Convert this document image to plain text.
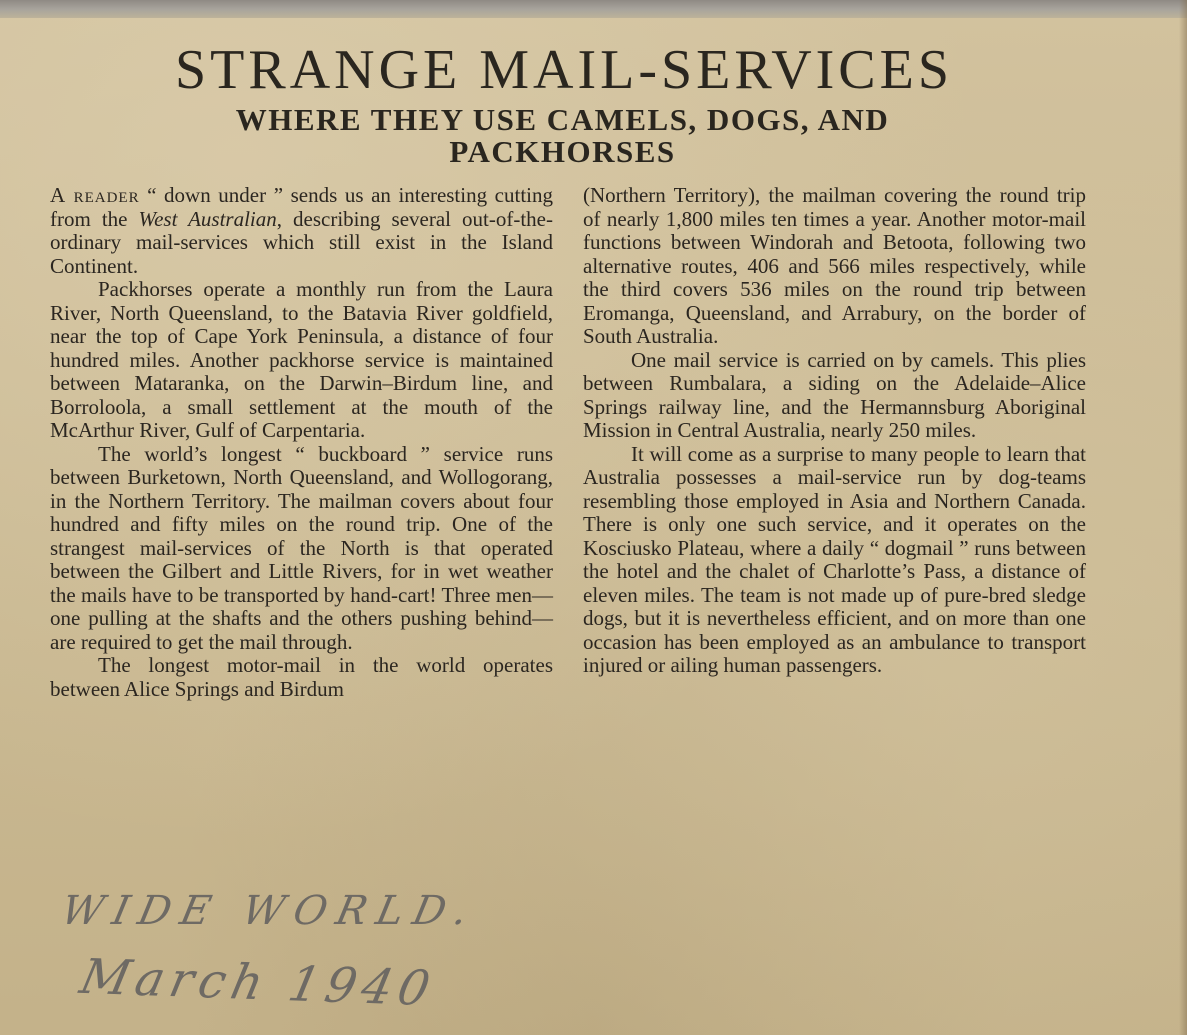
STRANGE MAIL-SERVICES
WHERE THEY USE CAMELS, DOGS, AND PACKHORSES

A reader “ down under ” sends us an interesting cutting from the West Australian, describing several out-of-the-ordinary mail-services which still exist in the Island Continent.

Packhorses operate a monthly run from the Laura River, North Queensland, to the Batavia River goldfield, near the top of Cape York Peninsula, a distance of four hundred miles. Another packhorse service is maintained between Mataranka, on the Darwin–Birdum line, and Borroloola, a small settlement at the mouth of the McArthur River, Gulf of Carpentaria.

The world’s longest “ buckboard ” service runs between Burketown, North Queensland, and Wollogorang, in the Northern Territory. The mailman covers about four hundred and fifty miles on the round trip. One of the strangest mail-services of the North is that operated between the Gilbert and Little Rivers, for in wet weather the mails have to be transported by hand-cart! Three men—one pulling at the shafts and the others pushing behind—are required to get the mail through.

The longest motor-mail in the world operates between Alice Springs and Birdum

(Northern Territory), the mailman covering the round trip of nearly 1,800 miles ten times a year. Another motor-mail functions between Windorah and Betoota, following two alternative routes, 406 and 566 miles respectively, while the third covers 536 miles on the round trip between Eromanga, Queensland, and Arrabury, on the border of South Australia.

One mail service is carried on by camels. This plies between Rumbalara, a siding on the Adelaide–Alice Springs railway line, and the Hermannsburg Aboriginal Mission in Central Australia, nearly 250 miles.

It will come as a surprise to many people to learn that Australia possesses a mail-service run by dog-teams resembling those employed in Asia and Northern Canada. There is only one such service, and it operates on the Kosciusko Plateau, where a daily “ dogmail ” runs between the hotel and the chalet of Charlotte’s Pass, a distance of eleven miles. The team is not made up of pure-bred sledge dogs, but it is nevertheless efficient, and on more than one occasion has been employed as an ambulance to transport injured or ailing human passengers.

WIDE WORLD.
March 1940
